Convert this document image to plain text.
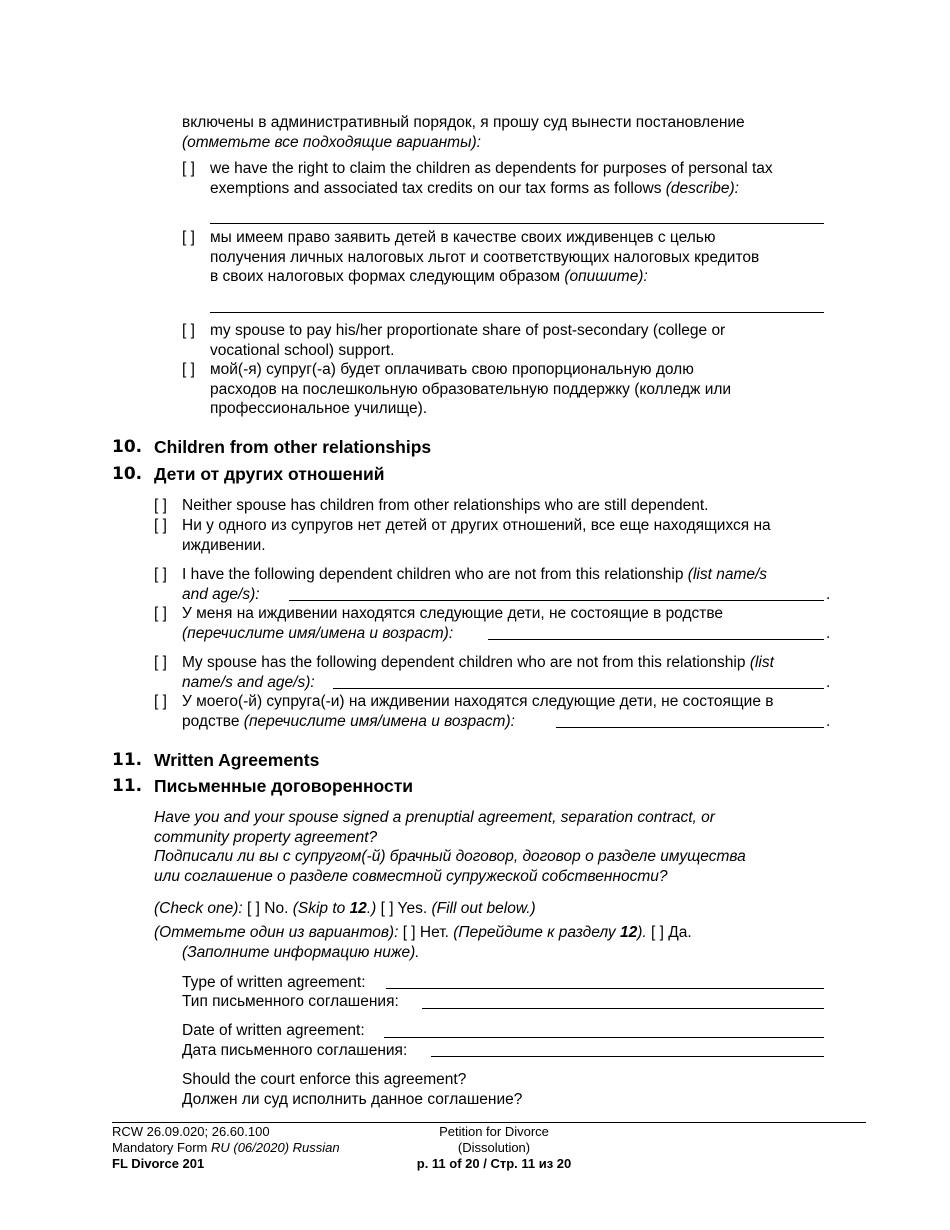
включены в административный порядок, я прошу суд вынести постановление
(отметьте все подходящие варианты):
[ ] we have the right to claim the children as dependents for purposes of personal tax
exemptions and associated tax credits on our tax forms as follows (describe):
[ ] мы имеем право заявить детей в качестве своих иждивенцев с целью
получения личных налоговых льгот и соответствующих налоговых кредитов
в своих налоговых формах следующим образом (опишите):
[ ] my spouse to pay his/her proportionate share of post-secondary (college or
vocational school) support.
[ ] мой(-я) супруг(-а) будет оплачивать свою пропорциональную долю
расходов на послешкольную образовательную поддержку (колледж или
профессиональное училище).
10. Children from other relationships
10. Дети от других отношений
[ ] Neither spouse has children from other relationships who are still dependent.
[ ] Ни у одного из супругов нет детей от других отношений, все еще находящихся на
иждивении.
[ ] I have the following dependent children who are not from this relationship (list name/s
and age/s):	.
[ ] У меня на иждивении находятся следующие дети, не состоящие в родстве
(перечислите имя/имена и возраст):	.
[ ] My spouse has the following dependent children who are not from this relationship (list
name/s and age/s):	.
[ ] У моего(-й) супруга(-и) на иждивении находятся следующие дети, не состоящие в
родстве (перечислите имя/имена и возраст):	.
11. Written Agreements
11. Письменные договоренности
Have you and your spouse signed a prenuptial agreement, separation contract, or
community property agreement?
Подписали ли вы с супругом(-й) брачный договор, договор о разделе имущества
или соглашение о разделе совместной супружеской собственности?
(Check one): [ ] No. (Skip to 12.) [ ] Yes. (Fill out below.)
(Отметьте один из вариантов): [ ] Нет. (Перейдите к разделу 12). [ ] Да.
(Заполните информацию ниже).
Type of written agreement:
Тип письменного соглашения:
Date of written agreement:
Дата письменного соглашения:
Should the court enforce this agreement?
Должен ли суд исполнить данное соглашение?
RCW 26.09.020; 26.60.100
Mandatory Form RU (06/2020) Russian
FL Divorce 201
Petition for Divorce
(Dissolution)
p. 11 of 20 / Стр. 11 из 20
